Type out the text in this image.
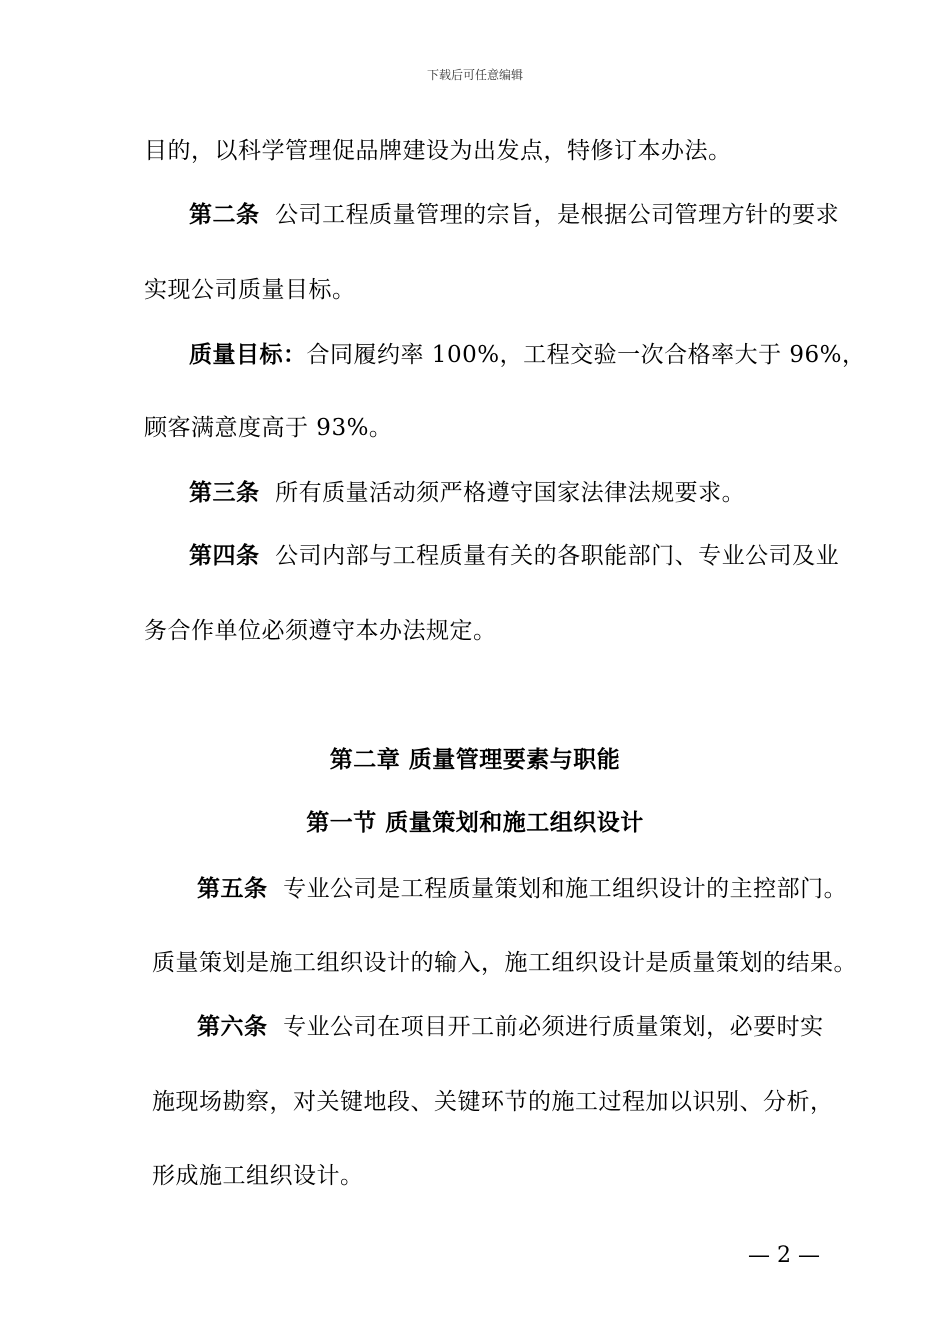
下载后可任意编辑
目的，以科学管理促品牌建设为出发点，特修订本办法。
第二条 公司工程质量管理的宗旨，是根据公司管理方针的要求
实现公司质量目标。
质量目标：合同履约率 100%，工程交验一次合格率大于 96%，
顾客满意度高于 93%。
第三条 所有质量活动须严格遵守国家法律法规要求。
第四条 公司内部与工程质量有关的各职能部门、专业公司及业
务合作单位必须遵守本办法规定。
第二章 质量管理要素与职能
第一节 质量策划和施工组织设计
第五条 专业公司是工程质量策划和施工组织设计的主控部门。
质量策划是施工组织设计的输入，施工组织设计是质量策划的结果。
第六条 专业公司在项目开工前必须进行质量策划，必要时实
施现场勘察，对关键地段、关键环节的施工过程加以识别、分析，
形成施工组织设计。
— 2 —
